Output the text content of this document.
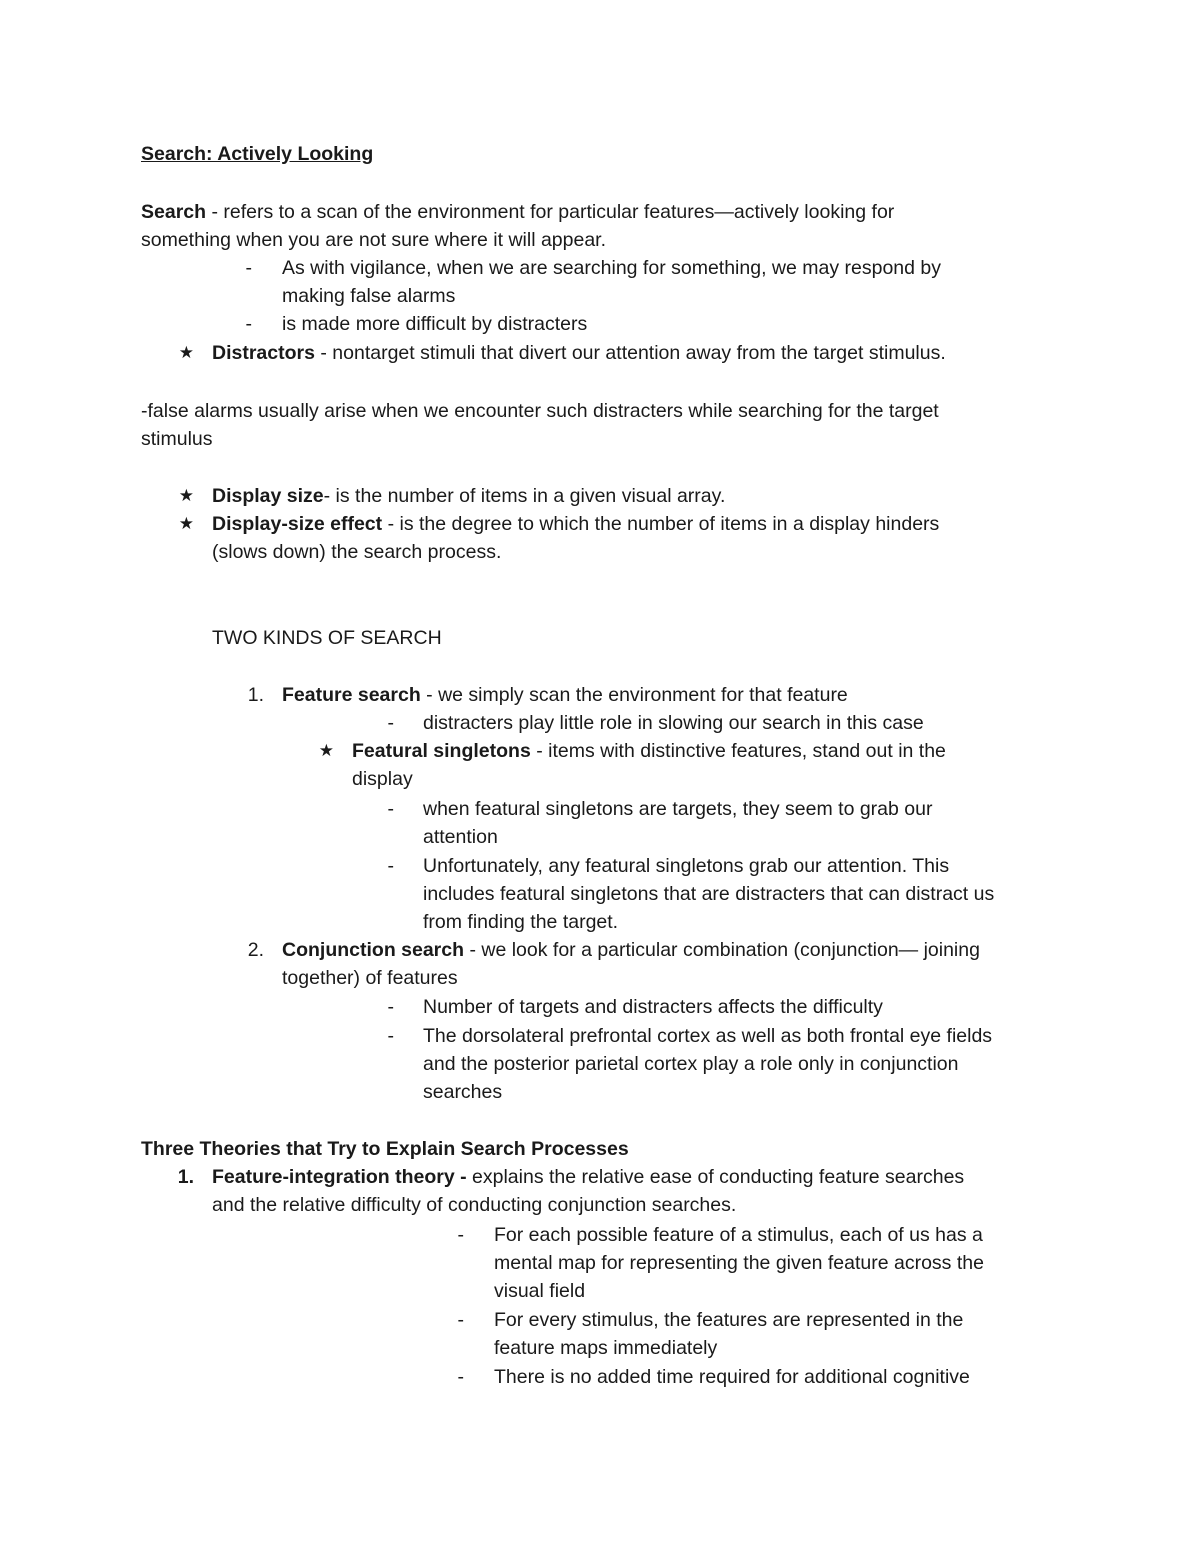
Search: Actively Looking
Search - refers to a scan of the environment for particular features—actively looking for
something when you are not sure where it will appear.
- As with vigilance, when we are searching for something, we may respond by
making false alarms
- is made more difficult by distracters
★ Distractors - nontarget stimuli that divert our attention away from the target stimulus.
-false alarms usually arise when we encounter such distracters while searching for the target
stimulus
★ Display size- is the number of items in a given visual array.
★ Display-size effect - is the degree to which the number of items in a display hinders
(slows down) the search process.
TWO KINDS OF SEARCH
1. Feature search - we simply scan the environment for that feature
- distracters play little role in slowing our search in this case
★ Featural singletons - items with distinctive features, stand out in the
display
- when featural singletons are targets, they seem to grab our
attention
- Unfortunately, any featural singletons grab our attention. This
includes featural singletons that are distracters that can distract us
from finding the target.
2. Conjunction search - we look for a particular combination (conjunction— joining
together) of features
- Number of targets and distracters affects the difficulty
- The dorsolateral prefrontal cortex as well as both frontal eye fields
and the posterior parietal cortex play a role only in conjunction
searches
Three Theories that Try to Explain Search Processes
1. Feature-integration theory - explains the relative ease of conducting feature searches
and the relative difficulty of conducting conjunction searches.
- For each possible feature of a stimulus, each of us has a
mental map for representing the given feature across the
visual field
- For every stimulus, the features are represented in the
feature maps immediately
- There is no added time required for additional cognitive
